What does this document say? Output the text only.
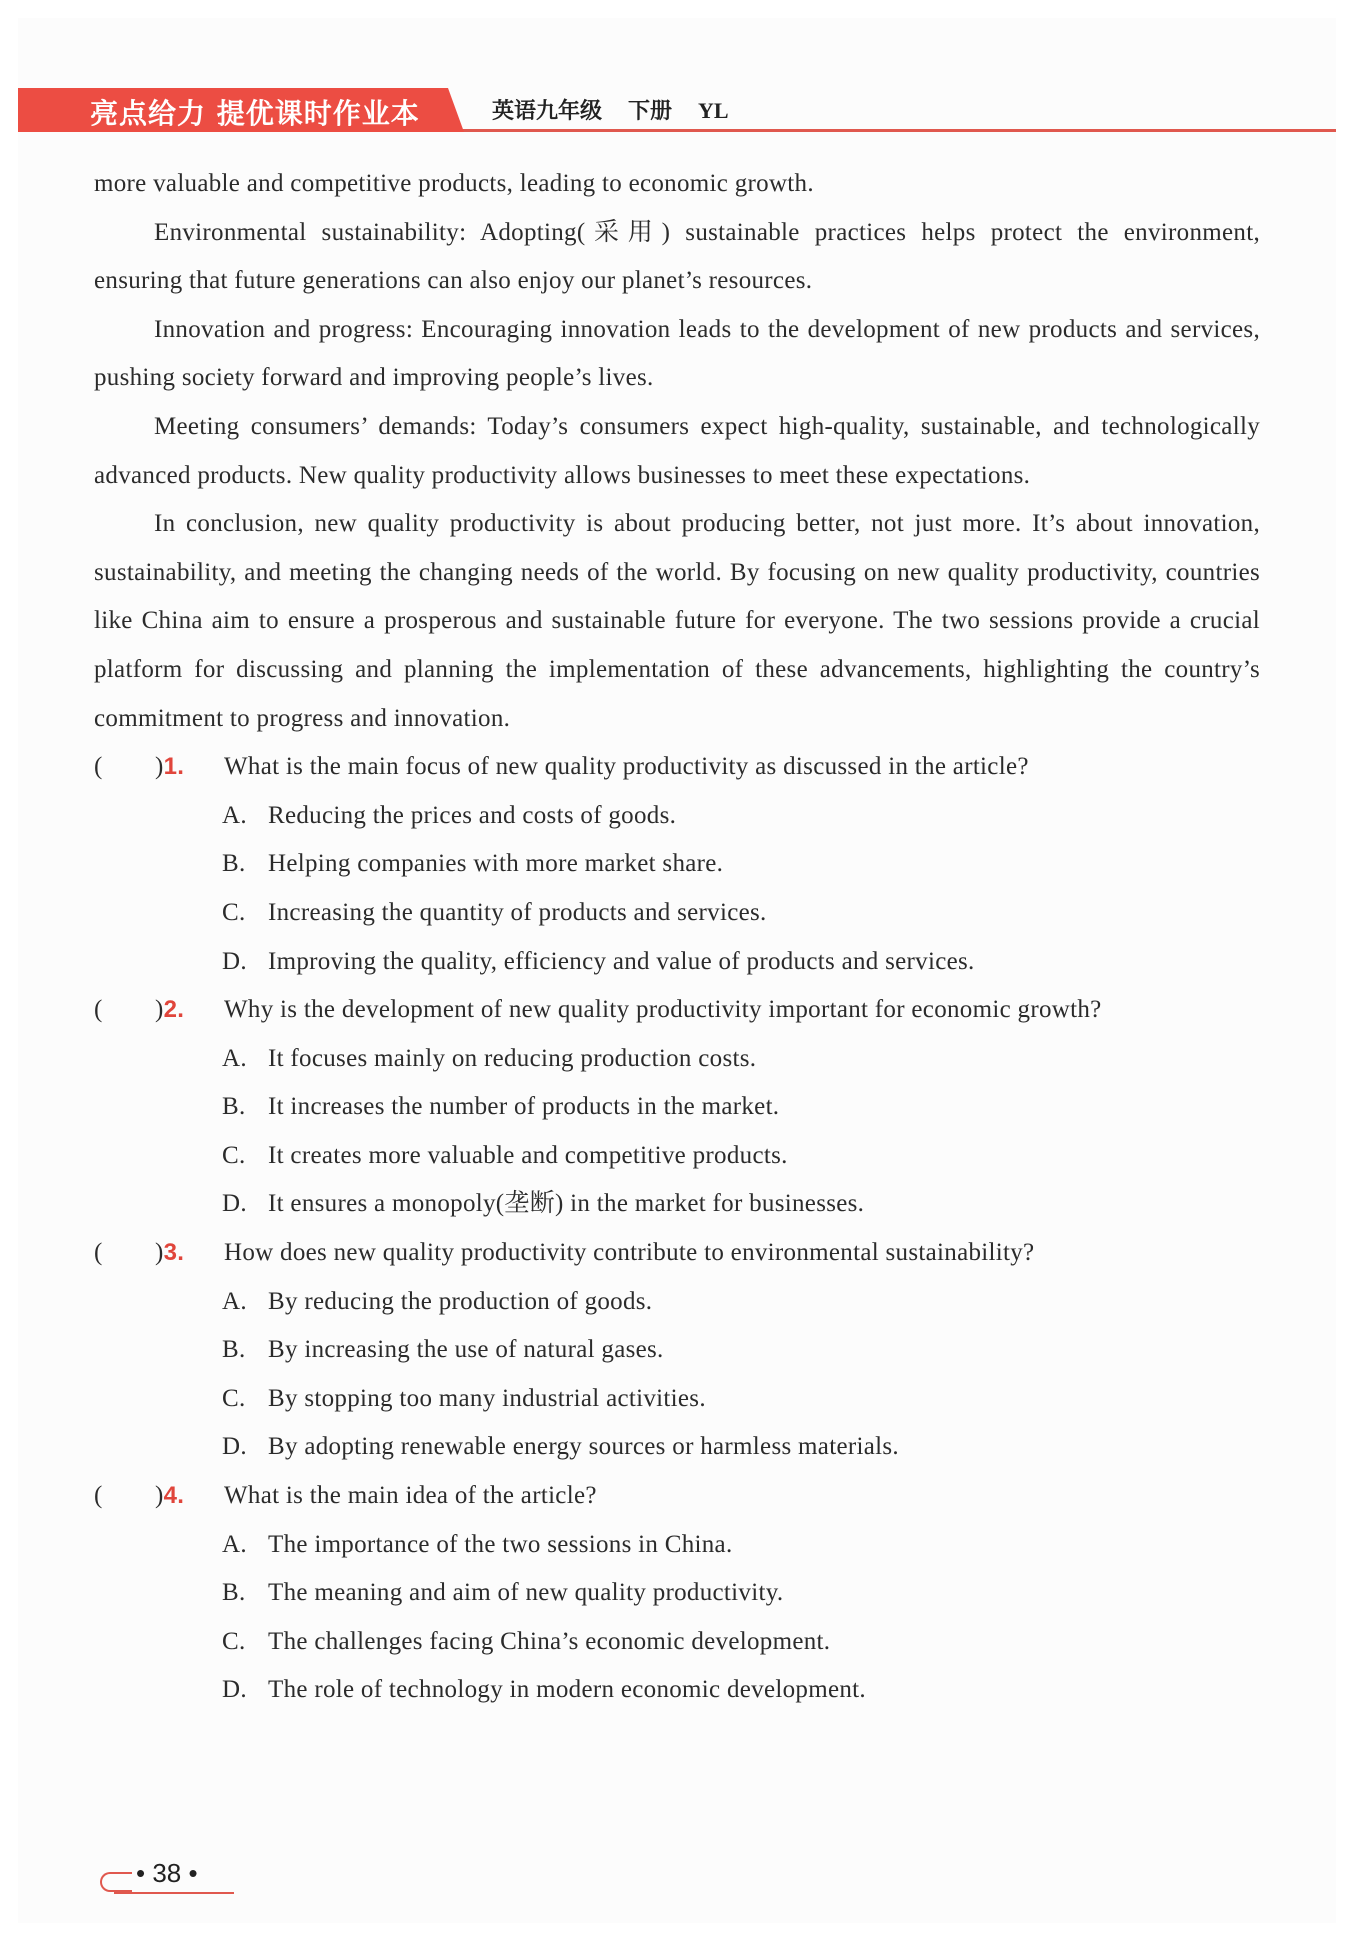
亮点给力 提优课时作业本	英语九年级 下册 YL

more valuable and competitive products, leading to economic growth.

Environmental sustainability: Adopting(采用) sustainable practices helps protect the environment, ensuring that future generations can also enjoy our planet’s resources.

Innovation and progress: Encouraging innovation leads to the development of new products and services, pushing society forward and improving people’s lives.

Meeting consumers’ demands: Today’s consumers expect high-quality, sustainable, and technologically advanced products. New quality productivity allows businesses to meet these expectations.

In conclusion, new quality productivity is about producing better, not just more. It’s about innovation, sustainability, and meeting the changing needs of the world. By focusing on new quality productivity, countries like China aim to ensure a prosperous and sustainable future for everyone. The two sessions provide a crucial platform for discussing and planning the implementation of these advancements, highlighting the country’s commitment to progress and innovation.

(        )1.	What is the main focus of new quality productivity as discussed in the article?
A. Reducing the prices and costs of goods.
B. Helping companies with more market share.
C. Increasing the quantity of products and services.
D. Improving the quality, efficiency and value of products and services.
(        )2.	Why is the development of new quality productivity important for economic growth?
A. It focuses mainly on reducing production costs.
B. It increases the number of products in the market.
C. It creates more valuable and competitive products.
D. It ensures a monopoly(垄断) in the market for businesses.
(        )3.	How does new quality productivity contribute to environmental sustainability?
A. By reducing the production of goods.
B. By increasing the use of natural gases.
C. By stopping too many industrial activities.
D. By adopting renewable energy sources or harmless materials.
(        )4.	What is the main idea of the article?
A. The importance of the two sessions in China.
B. The meaning and aim of new quality productivity.
C. The challenges facing China’s economic development.
D. The role of technology in modern economic development.
• 38 •
